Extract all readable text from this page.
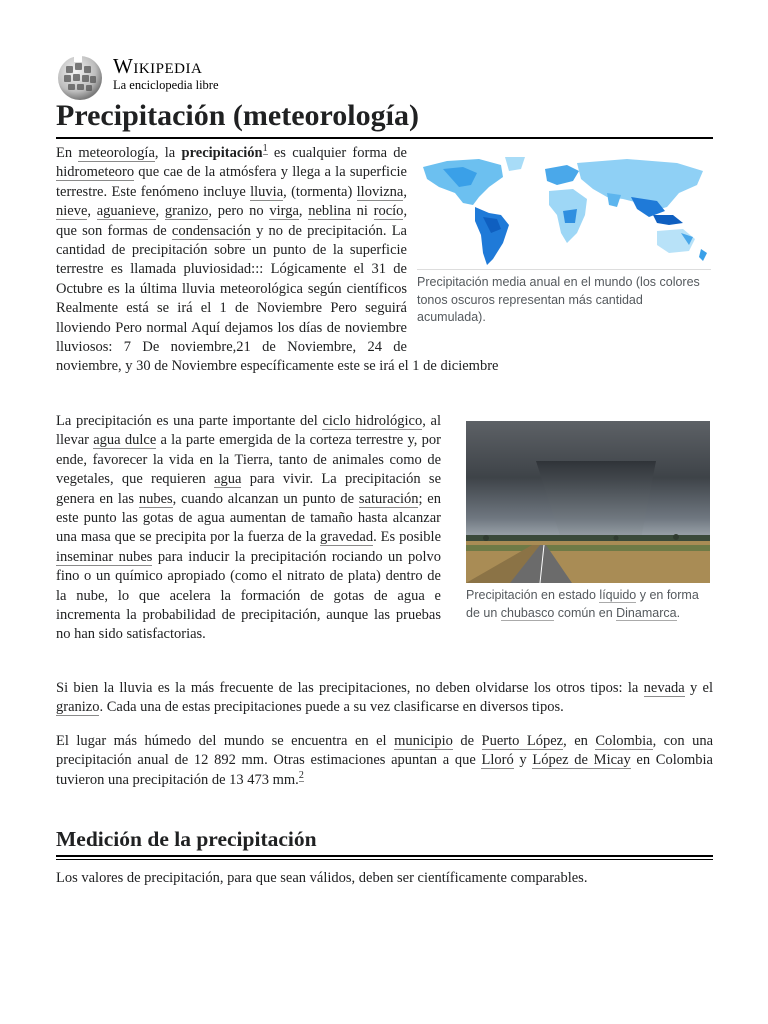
Wikipedia
La enciclopedia libre
Precipitación (meteorología)
Precipitación media anual en el mundo (los colores tonos oscuros representan más cantidad acumulada).

En meteorología, la precipitación$^1$ es cualquier forma de hidrometeoro que cae de la atmósfera y llega a la superficie terrestre. Este fenómeno incluye lluvia, (tormenta) llovizna, nieve, aguanieve, granizo, pero no virga, neblina ni rocío, que son formas de condensación y no de precipitación. La cantidad de precipitación sobre un punto de la superficie terrestre es llamada pluviosidad::: Lógicamente el 31 de Octubre es la última lluvia meteorológica según científicos Realmente está se irá el 1 de Noviembre Pero seguirá lloviendo Pero normal Aquí dejamos los días de noviembre lluviosos: 7 De noviembre,21 de Noviembre, 24 de noviembre, y 30 de Noviembre específicamente este se irá el 1 de diciembre

Precipitación en estado líquido y en forma de un chubasco común en Dinamarca.

La precipitación es una parte importante del ciclo hidrológico, al llevar agua dulce a la parte emergida de la corteza terrestre y, por ende, favorecer la vida en la Tierra, tanto de animales como de vegetales, que requieren agua para vivir. La precipitación se genera en las nubes, cuando alcanzan un punto de saturación; en este punto las gotas de agua aumentan de tamaño hasta alcanzar una masa que se precipita por la fuerza de la gravedad. Es posible inseminar nubes para inducir la precipitación rociando un polvo fino o un químico apropiado (como el nitrato de plata) dentro de la nube, lo que acelera la formación de gotas de agua e incrementa la probabilidad de precipitación, aunque las pruebas no han sido satisfactorias.

Si bien la lluvia es la más frecuente de las precipitaciones, no deben olvidarse los otros tipos: la nevada y el granizo. Cada una de estas precipitaciones puede a su vez clasificarse en diversos tipos.

El lugar más húmedo del mundo se encuentra en el municipio de Puerto López, en Colombia, con una precipitación anual de 12 892 mm. Otras estimaciones apuntan a que Lloró y López de Micay en Colombia tuvieron una precipitación de 13 473 mm.$^2$

Medición de la precipitación

Los valores de precipitación, para que sean válidos, deben ser científicamente comparables.
